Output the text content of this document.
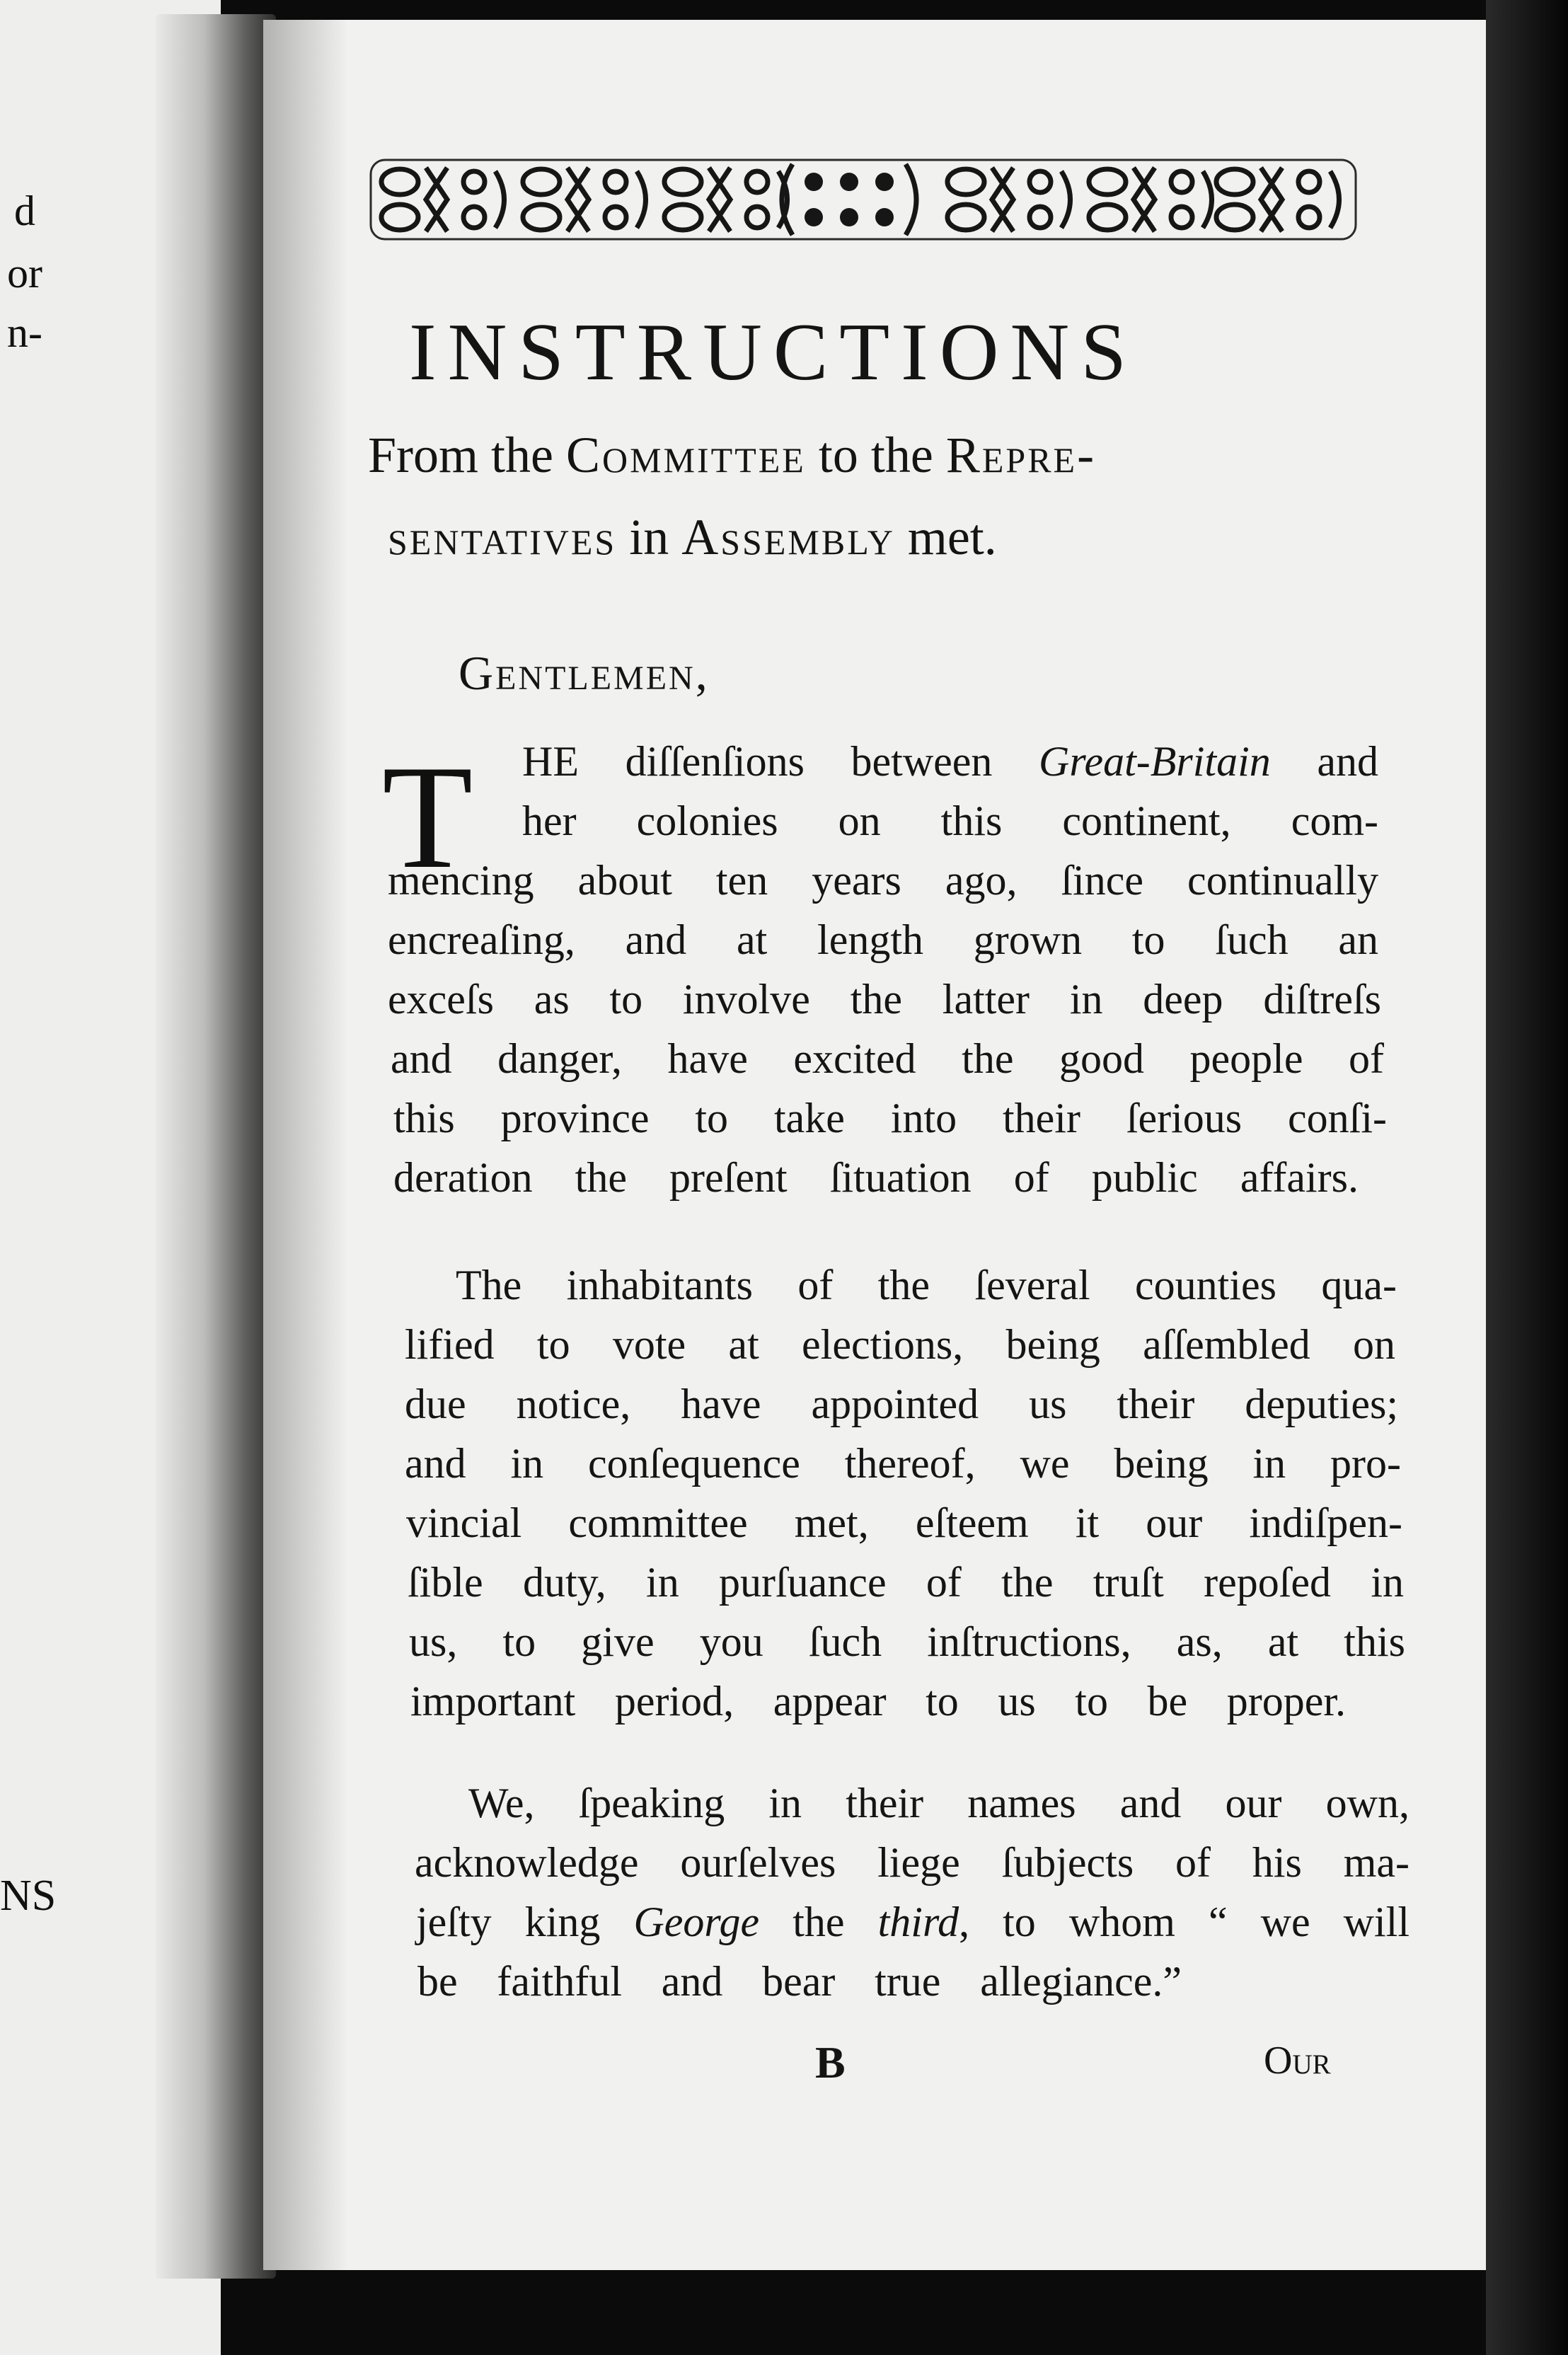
d
or
n-
NS
INSTRUCTIONS
From the Committee to the Repre-
sentatives in Assembly met.
Gentlemen,
T HE diſſenſions between Great-Britain and
her colonies on this continent, com-
mencing about ten years ago, ſince continually
encreaſing, and at length grown to ſuch an
exceſs as to involve the latter in deep diſtreſs
and danger, have excited the good people of
this province to take into their ſerious conſi-
deration the preſent ſituation of public affairs.
The inhabitants of the ſeveral counties qua-
lified to vote at elections, being aſſembled on
due notice, have appointed us their deputies;
and in conſequence thereof, we being in pro-
vincial committee met, eſteem it our indiſpen-
ſible duty, in purſuance of the truſt repoſed in
us, to give you ſuch inſtructions, as, at this
important period, appear to us to be proper.
We, ſpeaking in their names and our own,
acknowledge ourſelves liege ſubjects of his ma-
jeſty king George the third, to whom “ we will
be faithful and bear true allegiance.”
B	Our
